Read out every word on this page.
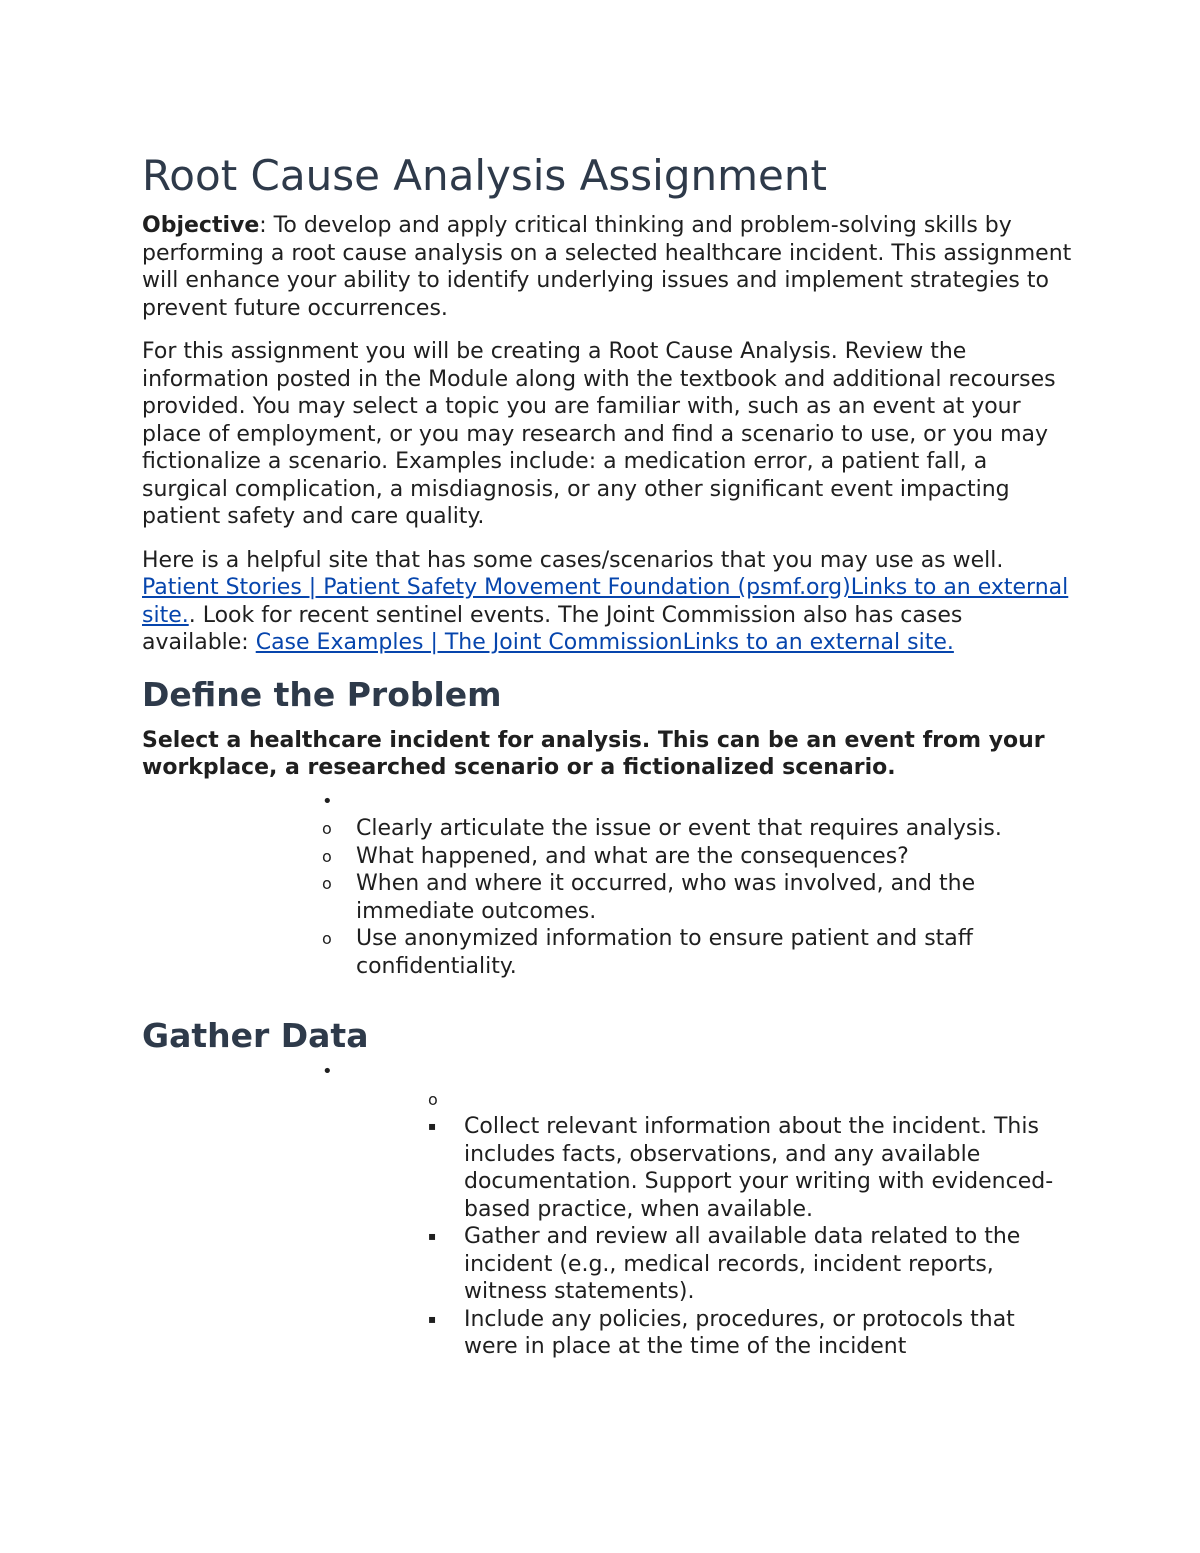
Root Cause Analysis Assignment

Objective: To develop and apply critical thinking and problem-solving skills by performing a root cause analysis on a selected healthcare incident. This assignment will enhance your ability to identify underlying issues and implement strategies to prevent future occurrences.

For this assignment you will be creating a Root Cause Analysis. Review the information posted in the Module along with the textbook and additional recourses provided. You may select a topic you are familiar with, such as an event at your place of employment, or you may research and find a scenario to use, or you may fictionalize a scenario. Examples include: a medication error, a patient fall, a surgical complication, a misdiagnosis, or any other significant event impacting patient safety and care quality.

Here is a helpful site that has some cases/scenarios that you may use as well. Patient Stories | Patient Safety Movement Foundation (psmf.org)Links to an external site.. Look for recent sentinel events. The Joint Commission also has cases available: Case Examples | The Joint CommissionLinks to an external site.

Define the Problem

Select a healthcare incident for analysis. This can be an event from your workplace, a researched scenario or a fictionalized scenario.

•

o Clearly articulate the issue or event that requires analysis.
o What happened, and what are the consequences?
o When and where it occurred, who was involved, and the immediate outcomes.
o Use anonymized information to ensure patient and staff confidentiality.
Gather Data
•

o

▪ Collect relevant information about the incident. This includes facts, observations, and any available documentation. Support your writing with evidenced-based practice, when available.
▪ Gather and review all available data related to the incident (e.g., medical records, incident reports, witness statements).
▪ Include any policies, procedures, or protocols that were in place at the time of the incident
